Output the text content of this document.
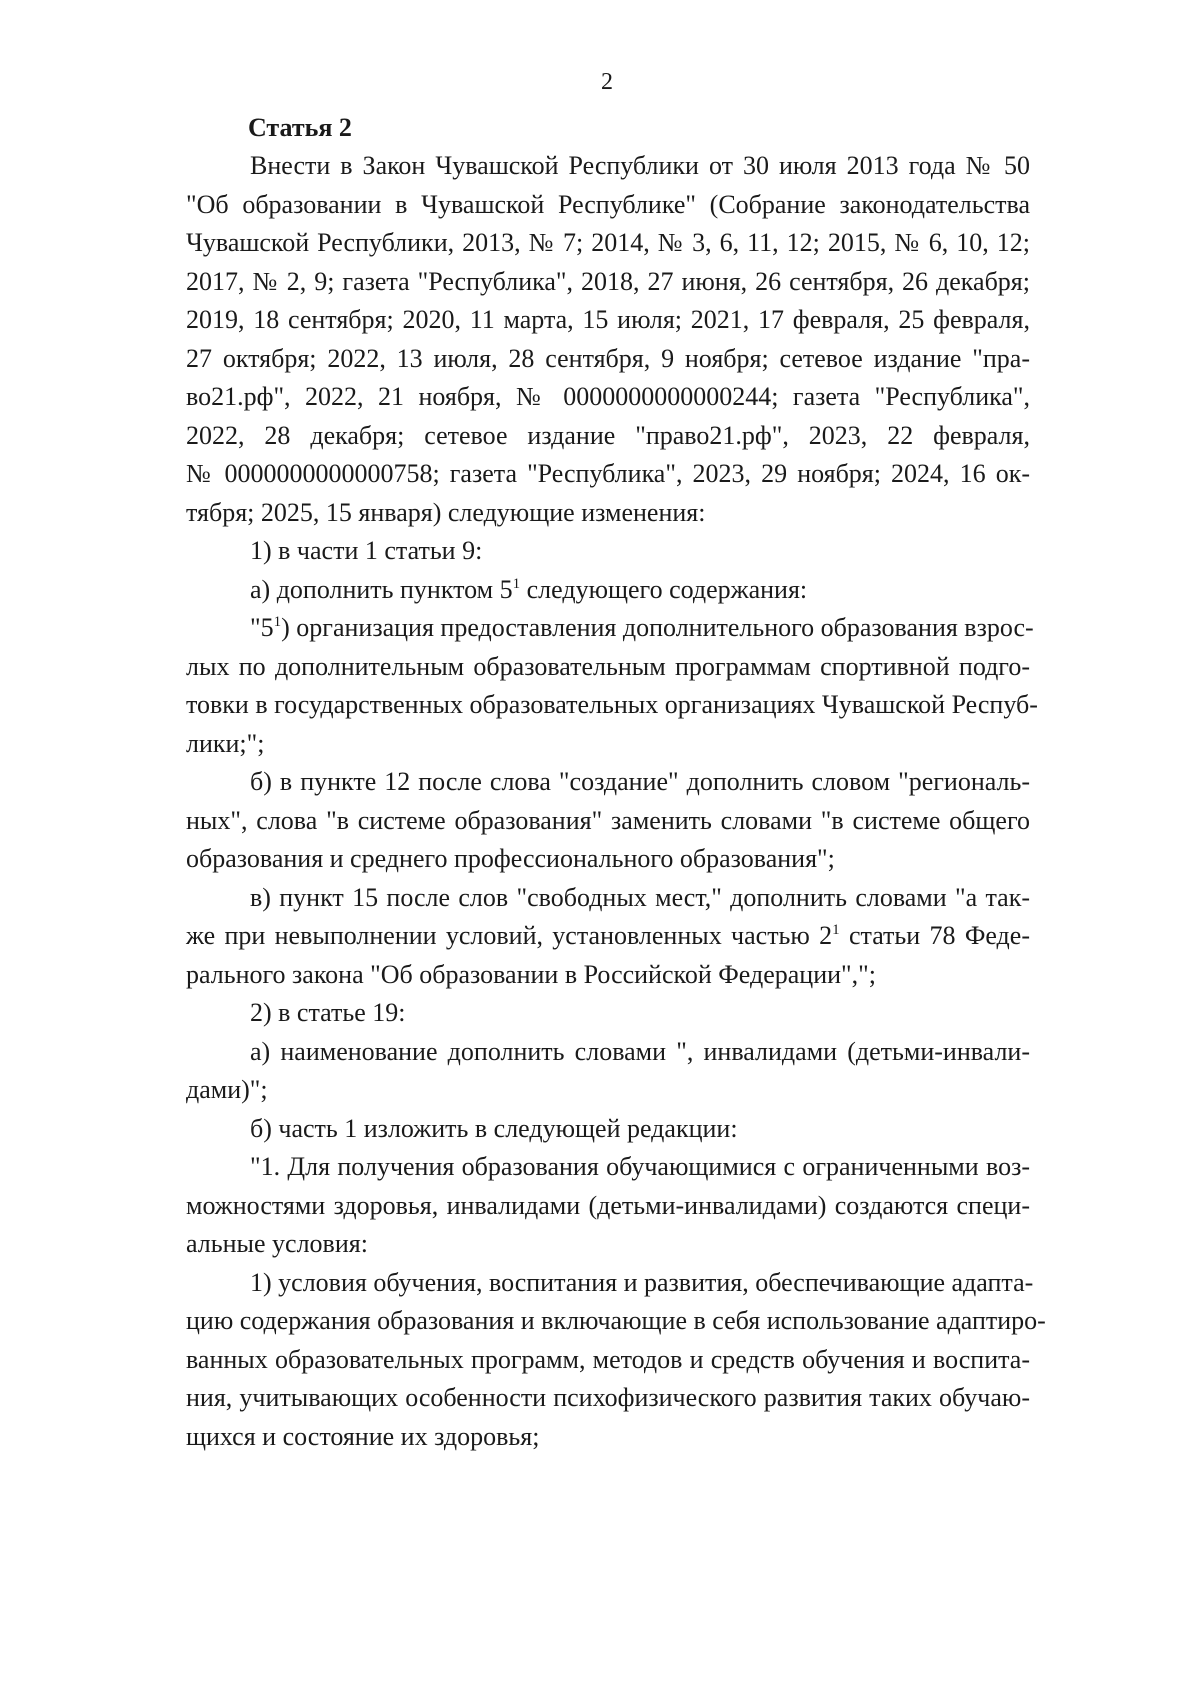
2
Статья 2
Внести в Закон Чувашской Республики от 30 июля 2013 года № 50
"Об образовании в Чувашской Республике" (Собрание законодательства
Чувашской Республики, 2013, № 7; 2014, № 3, 6, 11, 12; 2015, № 6, 10, 12;
2017, № 2, 9; газета "Республика", 2018, 27 июня, 26 сентября, 26 декабря;
2019, 18 сентября; 2020, 11 марта, 15 июля; 2021, 17 февраля, 25 февраля,
27 октября; 2022, 13 июля, 28 сентября, 9 ноября; сетевое издание "пра-
во21.рф", 2022, 21 ноября, № 0000000000000244; газета "Республика",
2022, 28 декабря; сетевое издание "право21.рф", 2023, 22 февраля,
№ 0000000000000758; газета "Республика", 2023, 29 ноября; 2024, 16 ок-
тября; 2025, 15 января) следующие изменения:
1) в части 1 статьи 9:
а) дополнить пунктом $5^1$ следующего содержания:
"$5^1$) организация предоставления дополнительного образования взрос-
лых по дополнительным образовательным программам спортивной подго-
товки в государственных образовательных организациях Чувашской Респуб-
лики;";
б) в пункте 12 после слова "создание" дополнить словом "региональ-
ных", слова "в системе образования" заменить словами "в системе общего
образования и среднего профессионального образования";
в) пункт 15 после слов "свободных мест," дополнить словами "а так-
же при невыполнении условий, установленных частью $2^1$ статьи 78 Феде-
рального закона "Об образовании в Российской Федерации",";
2) в статье 19:
а) наименование дополнить словами ", инвалидами (детьми-инвали-
дами)";
б) часть 1 изложить в следующей редакции:
"1. Для получения образования обучающимися с ограниченными воз-
можностями здоровья, инвалидами (детьми-инвалидами) создаются специ-
альные условия:
1) условия обучения, воспитания и развития, обеспечивающие адапта-
цию содержания образования и включающие в себя использование адаптиро-
ванных образовательных программ, методов и средств обучения и воспита-
ния, учитывающих особенности психофизического развития таких обучаю-
щихся и состояние их здоровья;
